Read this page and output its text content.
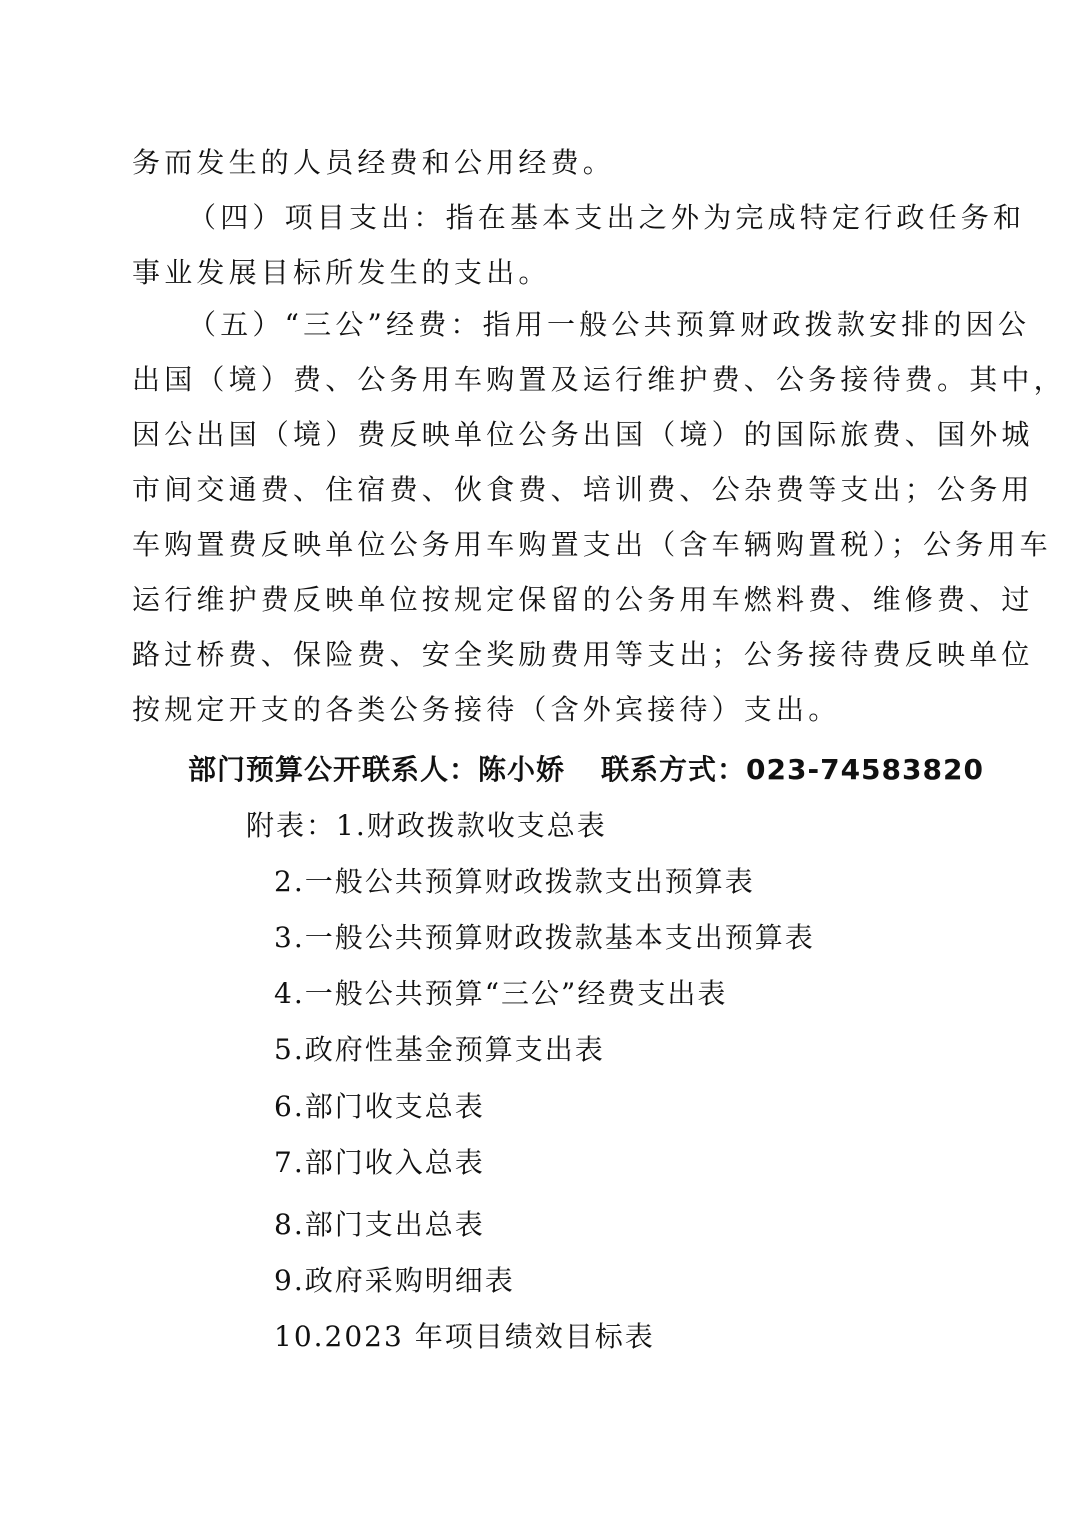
务而发生的人员经费和公用经费。
（四）项目支出：指在基本支出之外为完成特定行政任务和
事业发展目标所发生的支出。
（五）“三公”经费：指用一般公共预算财政拨款安排的因公
出国（境）费、公务用车购置及运行维护费、公务接待费。其中，
因公出国（境）费反映单位公务出国（境）的国际旅费、国外城
市间交通费、住宿费、伙食费、培训费、公杂费等支出；公务用
车购置费反映单位公务用车购置支出（含车辆购置税）；公务用车
运行维护费反映单位按规定保留的公务用车燃料费、维修费、过
路过桥费、保险费、安全奖励费用等支出；公务接待费反映单位
按规定开支的各类公务接待（含外宾接待）支出。
部门预算公开联系人：陈小娇 联系方式：023-74583820
附表：1.财政拨款收支总表
2.一般公共预算财政拨款支出预算表
3.一般公共预算财政拨款基本支出预算表
4.一般公共预算“三公”经费支出表
5.政府性基金预算支出表
6.部门收支总表
7.部门收入总表
8.部门支出总表
9.政府采购明细表
10.2023 年项目绩效目标表
